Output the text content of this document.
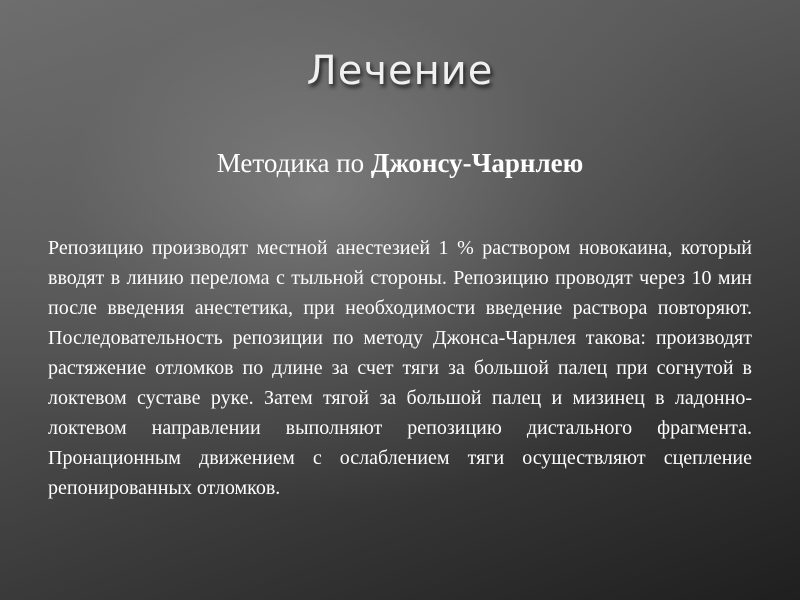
Лечение

Методика по Джонсу-Чарнлею

Репозицию производят местной анестезией 1 % раствором новокаина, который вводят в линию перелома с тыльной стороны. Репозицию проводят через 10 мин после введения анестетика, при необходимости введение раствора повторяют. Последовательность репозиции по методу Джонса-Чарнлея такова: производят растяжение отломков по длине за счет тяги за большой палец при согнутой в локтевом суставе руке. Затем тягой за большой палец и мизинец в ладонно-локтевом направлении выполняют репозицию дистального фрагмента. Пронационным движением с ослаблением тяги осуществляют сцепление репонированных отломков.
